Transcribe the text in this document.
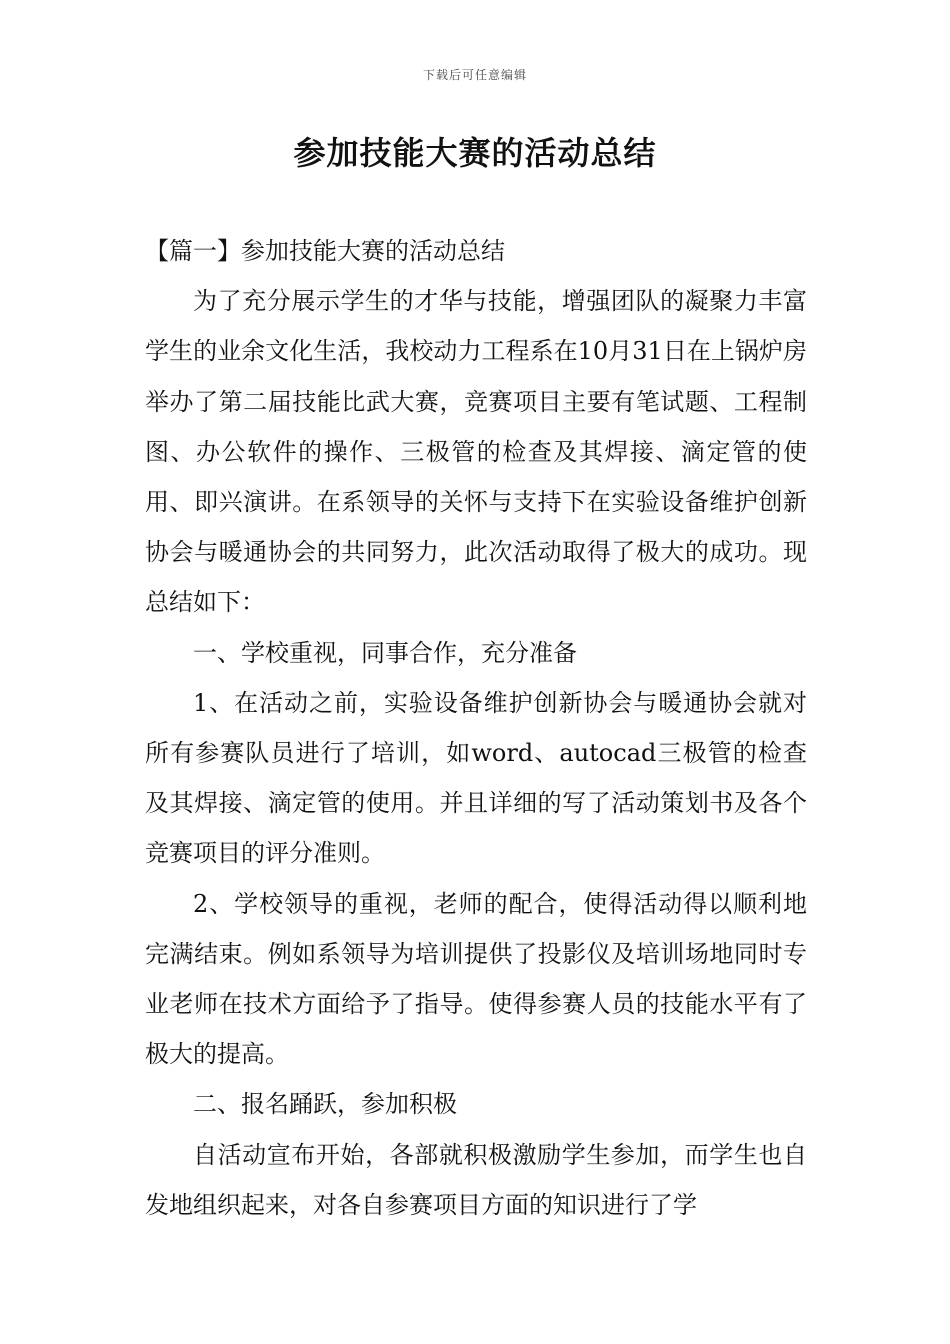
下载后可任意编辑
参加技能大赛的活动总结

【篇一】参加技能大赛的活动总结

为了充分展示学生的才华与技能，增强团队的凝聚力丰富学生的业余文化生活，我校动力工程系在10月31日在上锅炉房举办了第二届技能比武大赛，竞赛项目主要有笔试题、工程制图、办公软件的操作、三极管的检查及其焊接、滴定管的使用、即兴演讲。在系领导的关怀与支持下在实验设备维护创新协会与暖通协会的共同努力，此次活动取得了极大的成功。现总结如下：

一、学校重视，同事合作，充分准备

1、在活动之前，实验设备维护创新协会与暖通协会就对所有参赛队员进行了培训，如word、autocad三极管的检查及其焊接、滴定管的使用。并且详细的写了活动策划书及各个竞赛项目的评分准则。

2、学校领导的重视，老师的配合，使得活动得以顺利地完满结束。例如系领导为培训提供了投影仪及培训场地同时专业老师在技术方面给予了指导。使得参赛人员的技能水平有了极大的提高。

二、报名踊跃，参加积极

自活动宣布开始，各部就积极激励学生参加，而学生也自发地组织起来，对各自参赛项目方面的知识进行了学
